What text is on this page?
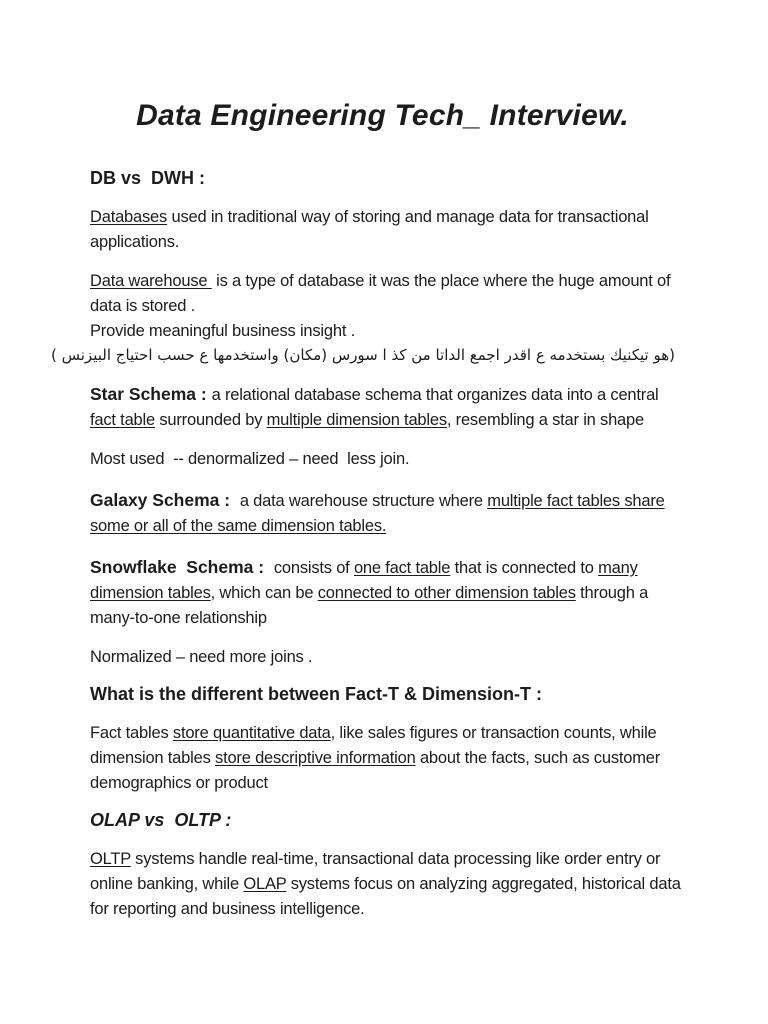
Data Engineering Tech_ Interview.
DB vs  DWH :
Databases used in traditional way of storing and manage data for transactional
applications.
Data warehouse  is a type of database it was the place where the huge amount of
data is stored .
Provide meaningful business insight .
(هو تيكنيك بستخدمه ع اقدر اجمع الداتا من كذ ا سورس (مكان) واستخدمها ع حسب احتياج البيزنس )
Star Schema : a relational database schema that organizes data into a central
fact table surrounded by multiple dimension tables, resembling a star in shape
Most used  -- denormalized – need  less join.
Galaxy Schema :  a data warehouse structure where multiple fact tables share
some or all of the same dimension tables.
Snowflake  Schema :  consists of one fact table that is connected to many
dimension tables, which can be connected to other dimension tables through a
many-to-one relationship
Normalized – need more joins .
What is the different between Fact-T & Dimension-T :
Fact tables store quantitative data, like sales figures or transaction counts, while
dimension tables store descriptive information about the facts, such as customer
demographics or product
OLAP vs  OLTP :
OLTP systems handle real-time, transactional data processing like order entry or
online banking, while OLAP systems focus on analyzing aggregated, historical data
for reporting and business intelligence.
